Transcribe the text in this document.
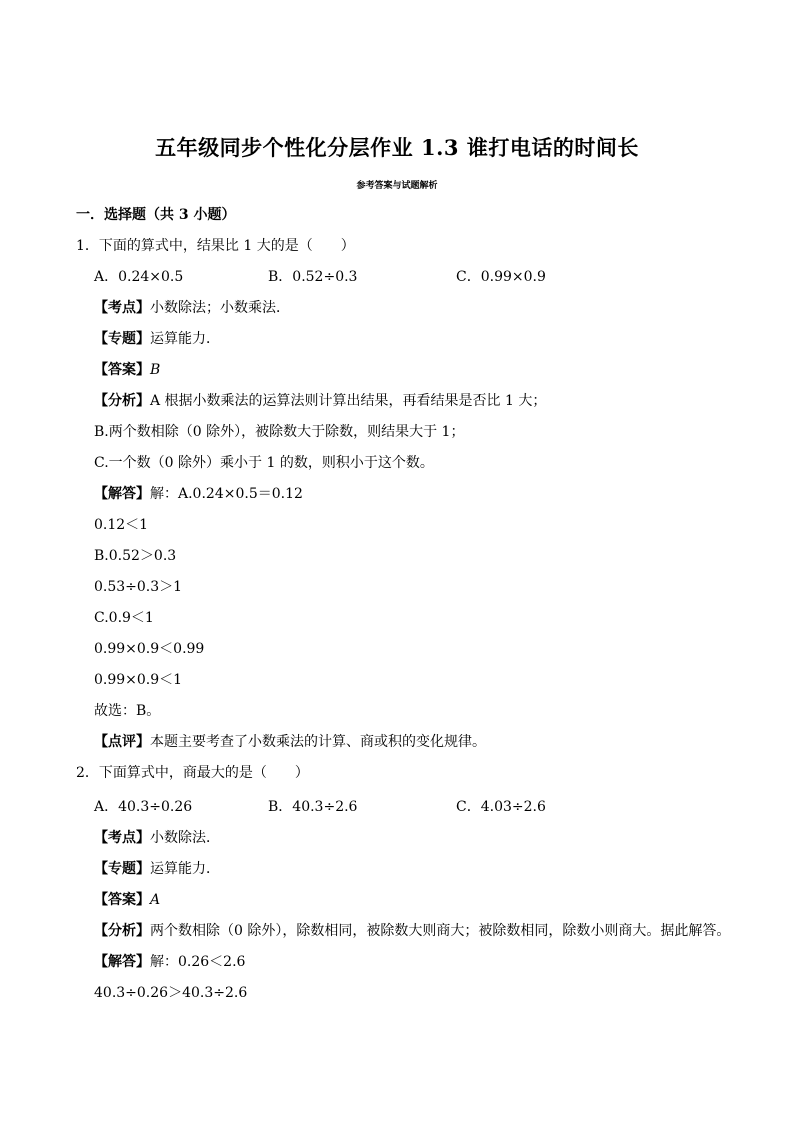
五年级同步个性化分层作业 1.3 谁打电话的时间长
参考答案与试题解析
一．选择题（共 3 小题）
1．下面的算式中，结果比 1 大的是（　　）
A．0.24×0.5	B．0.52÷0.3	C．0.99×0.9
【考点】小数除法；小数乘法．
【专题】运算能力．
【答案】B
【分析】A 根据小数乘法的运算法则计算出结果，再看结果是否比 1 大；
B.两个数相除（0 除外），被除数大于除数，则结果大于 1；
C.一个数（0 除外）乘小于 1 的数，则积小于这个数。
【解答】解：A.0.24×0.5＝0.12
0.12＜1
B.0.52＞0.3
0.53÷0.3＞1
C.0.9＜1
0.99×0.9＜0.99
0.99×0.9＜1
故选：B。
【点评】本题主要考查了小数乘法的计算、商或积的变化规律。
2．下面算式中，商最大的是（　　）
A．40.3÷0.26	B．40.3÷2.6	C．4.03÷2.6
【考点】小数除法．
【专题】运算能力．
【答案】A
【分析】两个数相除（0 除外），除数相同，被除数大则商大；被除数相同，除数小则商大。据此解答。
【解答】解：0.26＜2.6
40.3÷0.26＞40.3÷2.6
